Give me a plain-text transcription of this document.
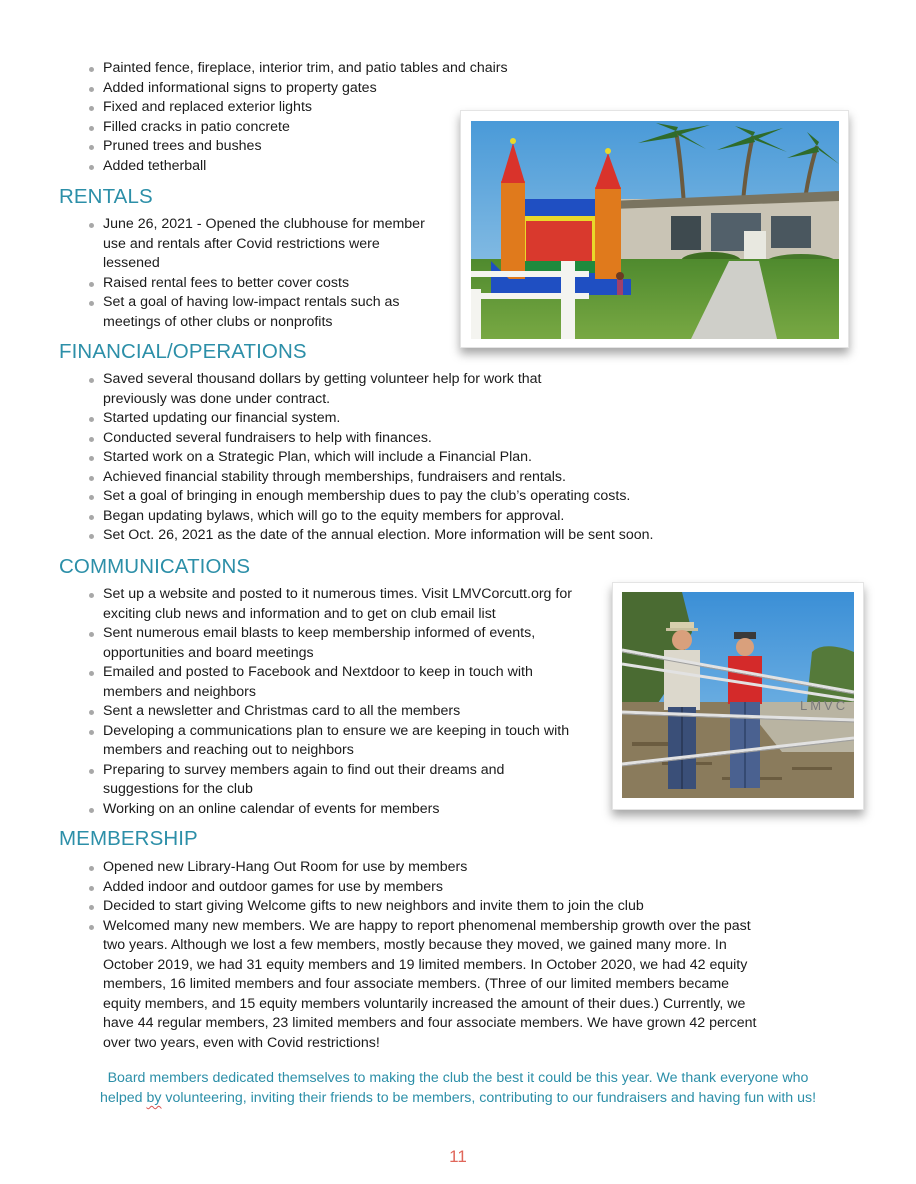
Painted fence, fireplace, interior trim, and patio tables and chairs
Added informational signs to property gates
Fixed and replaced exterior lights
Filled cracks in patio concrete
Pruned trees and bushes
Added tetherball
RENTALS
June 26, 2021 - Opened the clubhouse for member use and rentals after Covid restrictions were lessened
Raised rental fees to better cover costs
Set a goal of having low-impact rentals such as meetings of other clubs or nonprofits
FINANCIAL/OPERATIONS
Saved several thousand dollars by getting volunteer help for work that previously was done under contract.
Started updating our financial system.
Conducted several fundraisers to help with finances.
Started work on a Strategic Plan, which will include a Financial Plan.
Achieved financial stability through memberships, fundraisers and rentals.
Set a goal of bringing in enough membership dues to pay the club’s operating costs.
Began updating bylaws, which will go to the equity members for approval.
Set Oct. 26, 2021 as the date of the annual election. More information will be sent soon.
COMMUNICATIONS
Set up a website and posted to it numerous times. Visit LMVCorcutt.org for exciting club news and information and to get on club email list
Sent numerous email blasts to keep membership informed of events, opportunities and board meetings
Emailed and posted to Facebook and Nextdoor to keep in touch with members and neighbors
Sent a newsletter and Christmas card to all the members
Developing a communications plan to ensure we are keeping in touch with members and reaching out to neighbors
Preparing to survey members again to find out their dreams and suggestions for the club
Working on an online calendar of events for members
LMVC
MEMBERSHIP
Opened new Library-Hang Out Room for use by members
Added indoor and outdoor games for use by members
Decided to start giving Welcome gifts to new neighbors and invite them to join the club
Welcomed many new members. We are happy to report phenomenal membership growth over the past two years. Although we lost a few members, mostly because they moved, we gained many more. In October 2019, we had 31 equity members and 19 limited members. In October 2020, we had 42 equity members, 16 limited members and four associate members. (Three of our limited members became equity members, and 15 equity members voluntarily increased the amount of their dues.) Currently, we have 44 regular members, 23 limited members and four associate members. We have grown 42 percent over two years, even with Covid restrictions!
Board members dedicated themselves to making the club the best it could be this year. We thank everyone who
helped by volunteering, inviting their friends to be members, contributing to our fundraisers and having fun with us!
11
